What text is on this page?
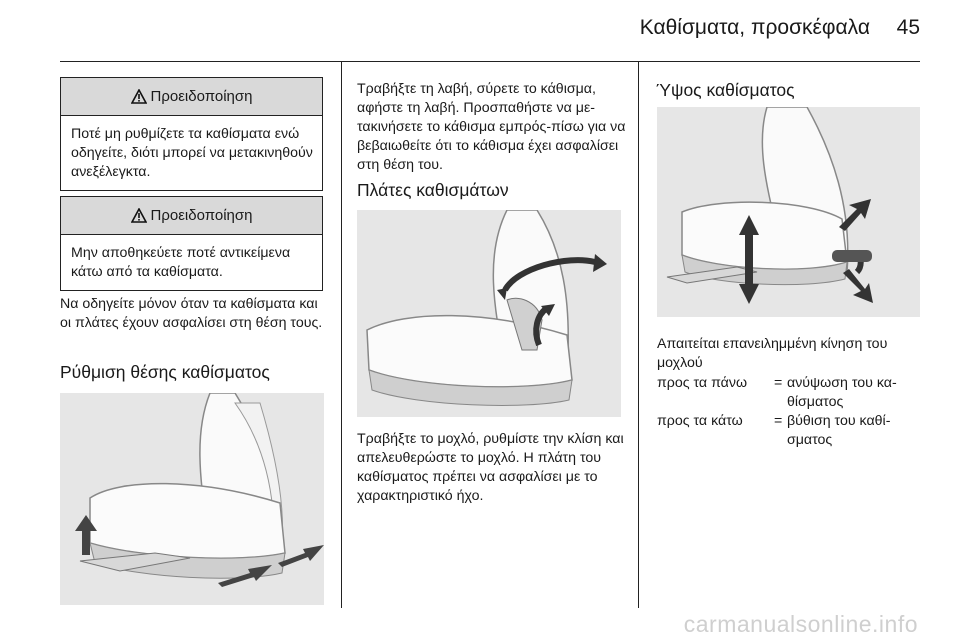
Καθίσματα, προσκέφαλα 45
Προειδοποίηση
Ποτέ μη ρυθμίζετε τα καθίσματα ενώ οδηγείτε, διότι μπορεί να μετακινηθούν ανεξέλεγκτα.
Προειδοποίηση
Μην αποθηκεύετε ποτέ αντικείμενα κάτω από τα καθίσματα.
Να οδηγείτε μόνον όταν τα καθίσματα και οι πλάτες έχουν ασφαλίσει στη θέση τους.
Ρύθμιση θέσης καθίσματος
Τραβήξτε τη λαβή, σύρετε το κάθισμα, αφήστε τη λαβή. Προσπαθήστε να μετακινήσετε το κάθισμα εμπρός-πίσω για να βεβαιωθείτε ότι το κάθισμα έχει ασφαλίσει στη θέση του.
Πλάτες καθισμάτων
Τραβήξτε το μοχλό, ρυθμίστε την κλίση και απελευθερώστε το μοχλό. Η πλάτη του καθίσματος πρέπει να ασφαλίσει με το χαρακτηριστικό ήχο.
Ύψος καθίσματος
Απαιτείται επανειλημμένη κίνηση του μοχλού
προς τα πάνω = ανύψωση του καθίσματος
προς τα κάτω = βύθιση του καθίσματος
carmanualsonline.info
